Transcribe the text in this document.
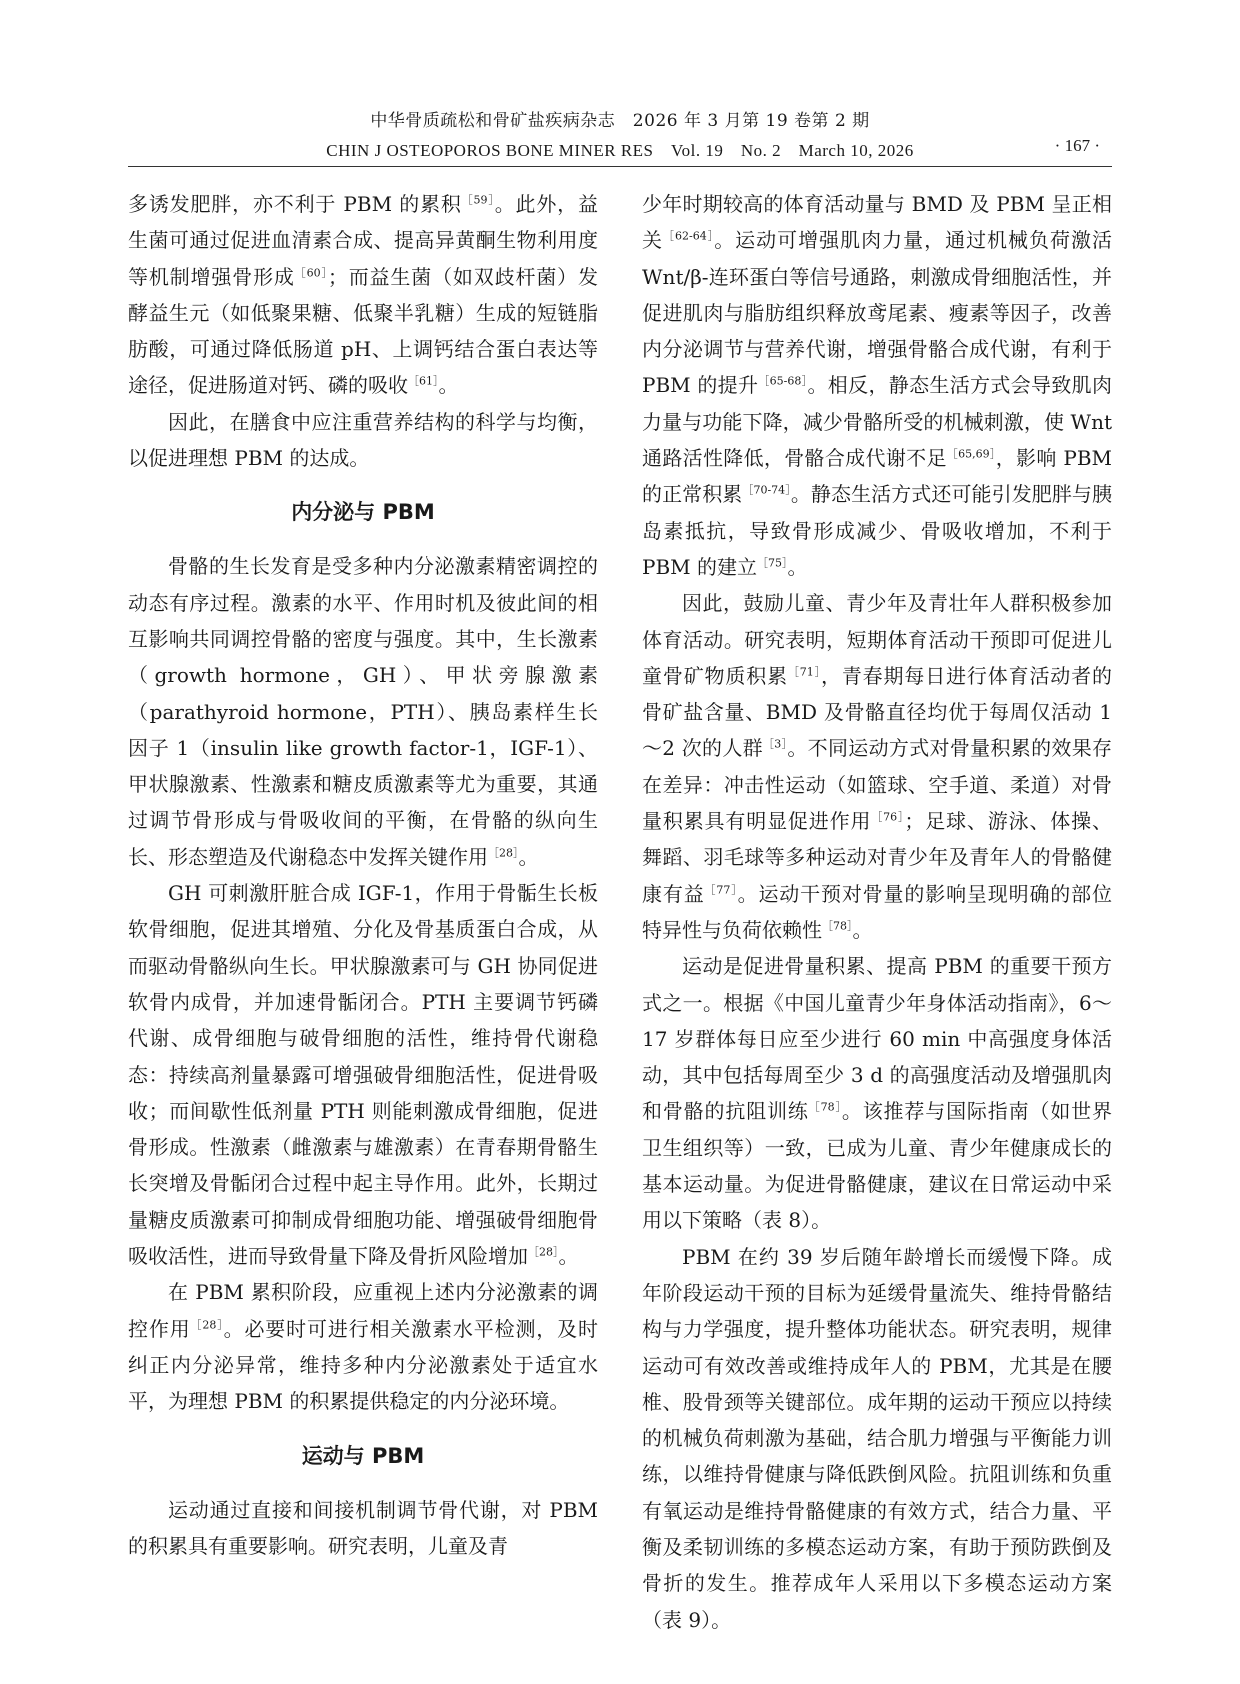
中华骨质疏松和骨矿盐疾病杂志　2026 年 3 月第 19 卷第 2 期
CHIN J OSTEOPOROS BONE MINER RES　Vol. 19　No. 2　March 10, 2026	· 167 ·

多诱发肥胖，亦不利于 PBM 的累积$^{[59]}$。此外，益生菌可通过促进血清素合成、提高异黄酮生物利用度等机制增强骨形成$^{[60]}$；而益生菌（如双歧杆菌）发酵益生元（如低聚果糖、低聚半乳糖）生成的短链脂肪酸，可通过降低肠道 pH、上调钙结合蛋白表达等途径，促进肠道对钙、磷的吸收$^{[61]}$。

因此，在膳食中应注重营养结构的科学与均衡，以促进理想 PBM 的达成。

内分泌与 PBM

骨骼的生长发育是受多种内分泌激素精密调控的动态有序过程。激素的水平、作用时机及彼此间的相互影响共同调控骨骼的密度与强度。其中，生长激素（growth hormone，GH）、甲状旁腺激素（parathyroid hormone，PTH）、胰岛素样生长因子 1（insulin like growth factor-1，IGF-1）、甲状腺激素、性激素和糖皮质激素等尤为重要，其通过调节骨形成与骨吸收间的平衡，在骨骼的纵向生长、形态塑造及代谢稳态中发挥关键作用$^{[28]}$。

GH 可刺激肝脏合成 IGF-1，作用于骨骺生长板软骨细胞，促进其增殖、分化及骨基质蛋白合成，从而驱动骨骼纵向生长。甲状腺激素可与 GH 协同促进软骨内成骨，并加速骨骺闭合。PTH 主要调节钙磷代谢、成骨细胞与破骨细胞的活性，维持骨代谢稳态：持续高剂量暴露可增强破骨细胞活性，促进骨吸收；而间歇性低剂量 PTH 则能刺激成骨细胞，促进骨形成。性激素（雌激素与雄激素）在青春期骨骼生长突增及骨骺闭合过程中起主导作用。此外，长期过量糖皮质激素可抑制成骨细胞功能、增强破骨细胞骨吸收活性，进而导致骨量下降及骨折风险增加$^{[28]}$。

在 PBM 累积阶段，应重视上述内分泌激素的调控作用$^{[28]}$。必要时可进行相关激素水平检测，及时纠正内分泌异常，维持多种内分泌激素处于适宜水平，为理想 PBM 的积累提供稳定的内分泌环境。

运动与 PBM

运动通过直接和间接机制调节骨代谢，对 PBM 的积累具有重要影响。研究表明，儿童及青

少年时期较高的体育活动量与 BMD 及 PBM 呈正相关$^{[62-64]}$。运动可增强肌肉力量，通过机械负荷激活 Wnt/β-连环蛋白等信号通路，刺激成骨细胞活性，并促进肌肉与脂肪组织释放鸢尾素、瘦素等因子，改善内分泌调节与营养代谢，增强骨骼合成代谢，有利于 PBM 的提升$^{[65-68]}$。相反，静态生活方式会导致肌肉力量与功能下降，减少骨骼所受的机械刺激，使 Wnt 通路活性降低，骨骼合成代谢不足$^{[65,69]}$，影响 PBM 的正常积累$^{[70-74]}$。静态生活方式还可能引发肥胖与胰岛素抵抗，导致骨形成减少、骨吸收增加，不利于 PBM 的建立$^{[75]}$。

因此，鼓励儿童、青少年及青壮年人群积极参加体育活动。研究表明，短期体育活动干预即可促进儿童骨矿物质积累$^{[71]}$，青春期每日进行体育活动者的骨矿盐含量、BMD 及骨骼直径均优于每周仅活动 1～2 次的人群$^{[3]}$。不同运动方式对骨量积累的效果存在差异：冲击性运动（如篮球、空手道、柔道）对骨量积累具有明显促进作用$^{[76]}$；足球、游泳、体操、舞蹈、羽毛球等多种运动对青少年及青年人的骨骼健康有益$^{[77]}$。运动干预对骨量的影响呈现明确的部位特异性与负荷依赖性$^{[78]}$。

运动是促进骨量积累、提高 PBM 的重要干预方式之一。根据《中国儿童青少年身体活动指南》，6～17 岁群体每日应至少进行 60 min 中高强度身体活动，其中包括每周至少 3 d 的高强度活动及增强肌肉和骨骼的抗阻训练$^{[78]}$。该推荐与国际指南（如世界卫生组织等）一致，已成为儿童、青少年健康成长的基本运动量。为促进骨骼健康，建议在日常运动中采用以下策略（表 8）。

PBM 在约 39 岁后随年龄增长而缓慢下降。成年阶段运动干预的目标为延缓骨量流失、维持骨骼结构与力学强度，提升整体功能状态。研究表明，规律运动可有效改善或维持成年人的 PBM，尤其是在腰椎、股骨颈等关键部位。成年期的运动干预应以持续的机械负荷刺激为基础，结合肌力增强与平衡能力训练，以维持骨健康与降低跌倒风险。抗阻训练和负重有氧运动是维持骨骼健康的有效方式，结合力量、平衡及柔韧训练的多模态运动方案，有助于预防跌倒及骨折的发生。推荐成年人采用以下多模态运动方案（表 9）。
